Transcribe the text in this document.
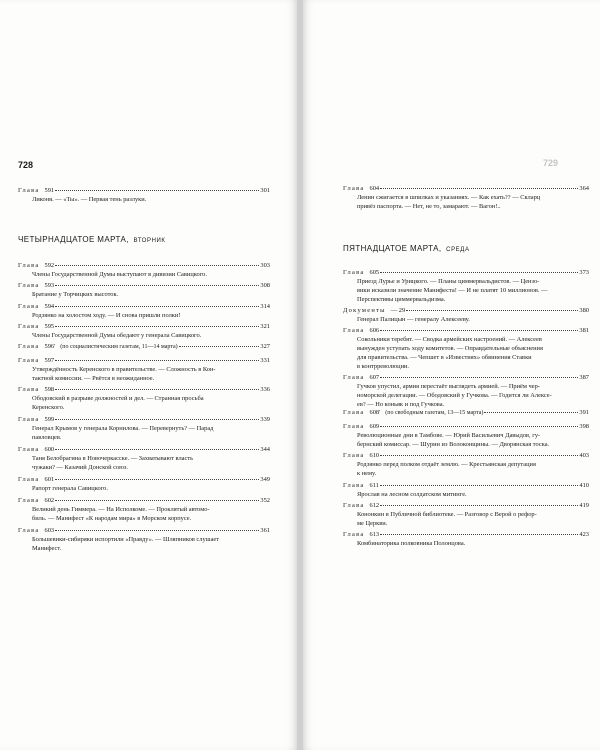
728
ЧЕТЫРНАДЦАТОЕ МАРТА, ВТОРНИК
Глава 591	301
Ликоня. — «Ты». — Первая тень разлуки.
Глава 592	303
Члены Государственной Думы выступают в дивизии Савицкого.
Глава 593	308
Братание у Торчицких высоток.
Глава 594	314
Родзянко на холостом ходу. — И снова пришли полки!
Глава 595	321
Члены Государственной Думы обедают у генерала Савицкого.
Глава 596' (по социалистическим газетам, 11—14 марта)	327
Глава 597	331
Утверждённость Керенского в правительстве. — Сложность в Кон-
тактной комиссии. — Рвётся в неожиданное.
Глава 598	336
Ободовский в разрыве должностей и дел. — Странная просьба
Керенского.
Глава 599	339
Генерал Крымов у генерала Корнилова. — Перевернуть? — Парад
павловцев.
Глава 600	344
Таня Белобрагина в Новочеркасске. — Захватывают власть
чужаки? — Казачий Донской союз.
Глава 601	349
Рапорт генерала Савицкого.
Глава 602	352
Великий день Гиммера. — На Исполкоме. — Проклятый автомо-
биль. — Манифест «К народам мира» в Морском корпусе.
Глава 603	361
Большевики-сибиряки испортили «Правду». — Шляпников слушает
Манифест.
729
ПЯТНАДЦАТОЕ МАРТА, СРЕДА
Глава 604	364
Ленин сжигается в шпилках и указаниях. — Как ехать?? — Скларц
привёз паспорта. — Нет, не то, замарают. — Вагон!..
Глава 605	373
Приезд Лурье и Урицкого. — Планы циммервальдистов. — Цензо-
вики исказили значение Манифеста! — И не платят 10 миллионов. —
Перспективы циммервальдизма.
Документы — 29	380
Генерал Палицын — генералу Алексееву.
Глава 606	381
Сокольники теребят. — Сводка армейских настроений. — Алексеев
вынужден уступать ходу комитетов. — Оправдательные объяснения
для правительства. — Чепшет в «Известиях» обвинения Ставки
в контрреволюции.
Глава 607	387
Гучков упустил, армия перестаёт выглядеть армией. — Приём чер-
номорской делегации. — Ободовский у Гучкова. — Годится ли Алексе-
ев? — Но коньяк и под Гучкова.
Глава 608' (по свободным газетам, 13—15 марта)	391
Глава 609	398
Революционные дни в Тамбове. — Юрий Васильевич Давыдов, гу-
бернский комиссар. — Шурин из Волоконщины. — Дворянская тоска.
Глава 610	403
Родзянко перед полком отдаёт землю. — Крестьянская депутация
к нему.
Глава 611	410
Ярослав на лесном солдатском митинге.
Глава 612	419
Кононкин в Публичной библиотеке. — Разговор с Верой о рефор-
ме Церкви.
Глава 613	423
Комбинаторика полковника Полонцова.
